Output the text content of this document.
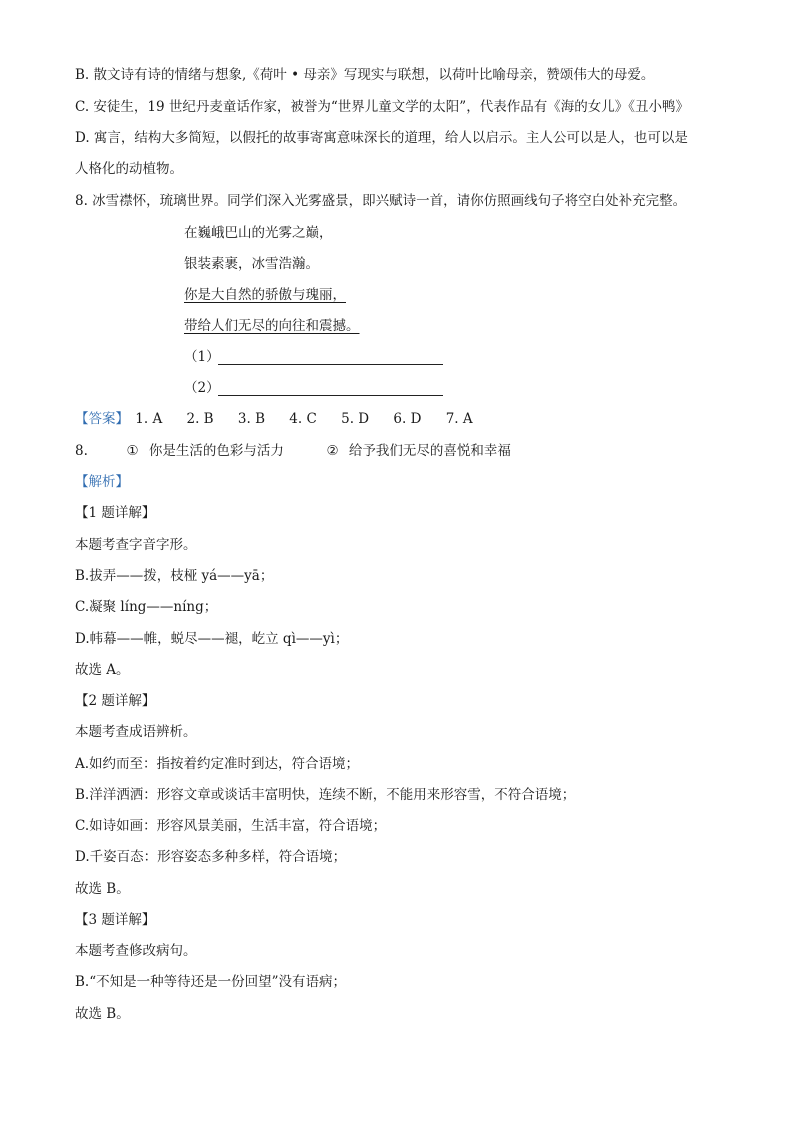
B. 散文诗有诗的情绪与想象,《荷叶 • 母亲》写现实与联想，以荷叶比喻母亲，赞颂伟大的母爱。
C. 安徒生，19 世纪丹麦童话作家，被誉为“世界儿童文学的太阳”，代表作品有《海的女儿》《丑小鸭》
D. 寓言，结构大多简短，以假托的故事寄寓意味深长的道理，给人以启示。主人公可以是人，也可以是
人格化的动植物。
8. 冰雪襟怀，琉璃世界。同学们深入光雾盛景，即兴赋诗一首，请你仿照画线句子将空白处补充完整。
在巍峨巴山的光雾之巅，
银装素裹，冰雪浩瀚。
你是大自然的骄傲与瑰丽，
带给人们无尽的向往和震撼。
（1）
（2）
【答案】 1. A 2. B 3. B 4. C 5. D 6. D 7. A
8.	① 你是生活的色彩与活力	② 给予我们无尽的喜悦和幸福
【解析】
【1 题详解】
本题考查字音字形。
B.拔弄——拨，枝桠 yá——yā；
C.凝聚 líng——níng；
D.帏幕——帷，蜕尽——褪，屹立 qì——yì；
故选 A。
【2 题详解】
本题考查成语辨析。
A.如约而至：指按着约定准时到达，符合语境；
B.洋洋洒洒：形容文章或谈话丰富明快，连续不断，不能用来形容雪，不符合语境；
C.如诗如画：形容风景美丽，生活丰富，符合语境；
D.千姿百态：形容姿态多种多样，符合语境；
故选 B。
【3 题详解】
本题考查修改病句。
B.“不知是一种等待还是一份回望”没有语病；
故选 B。
